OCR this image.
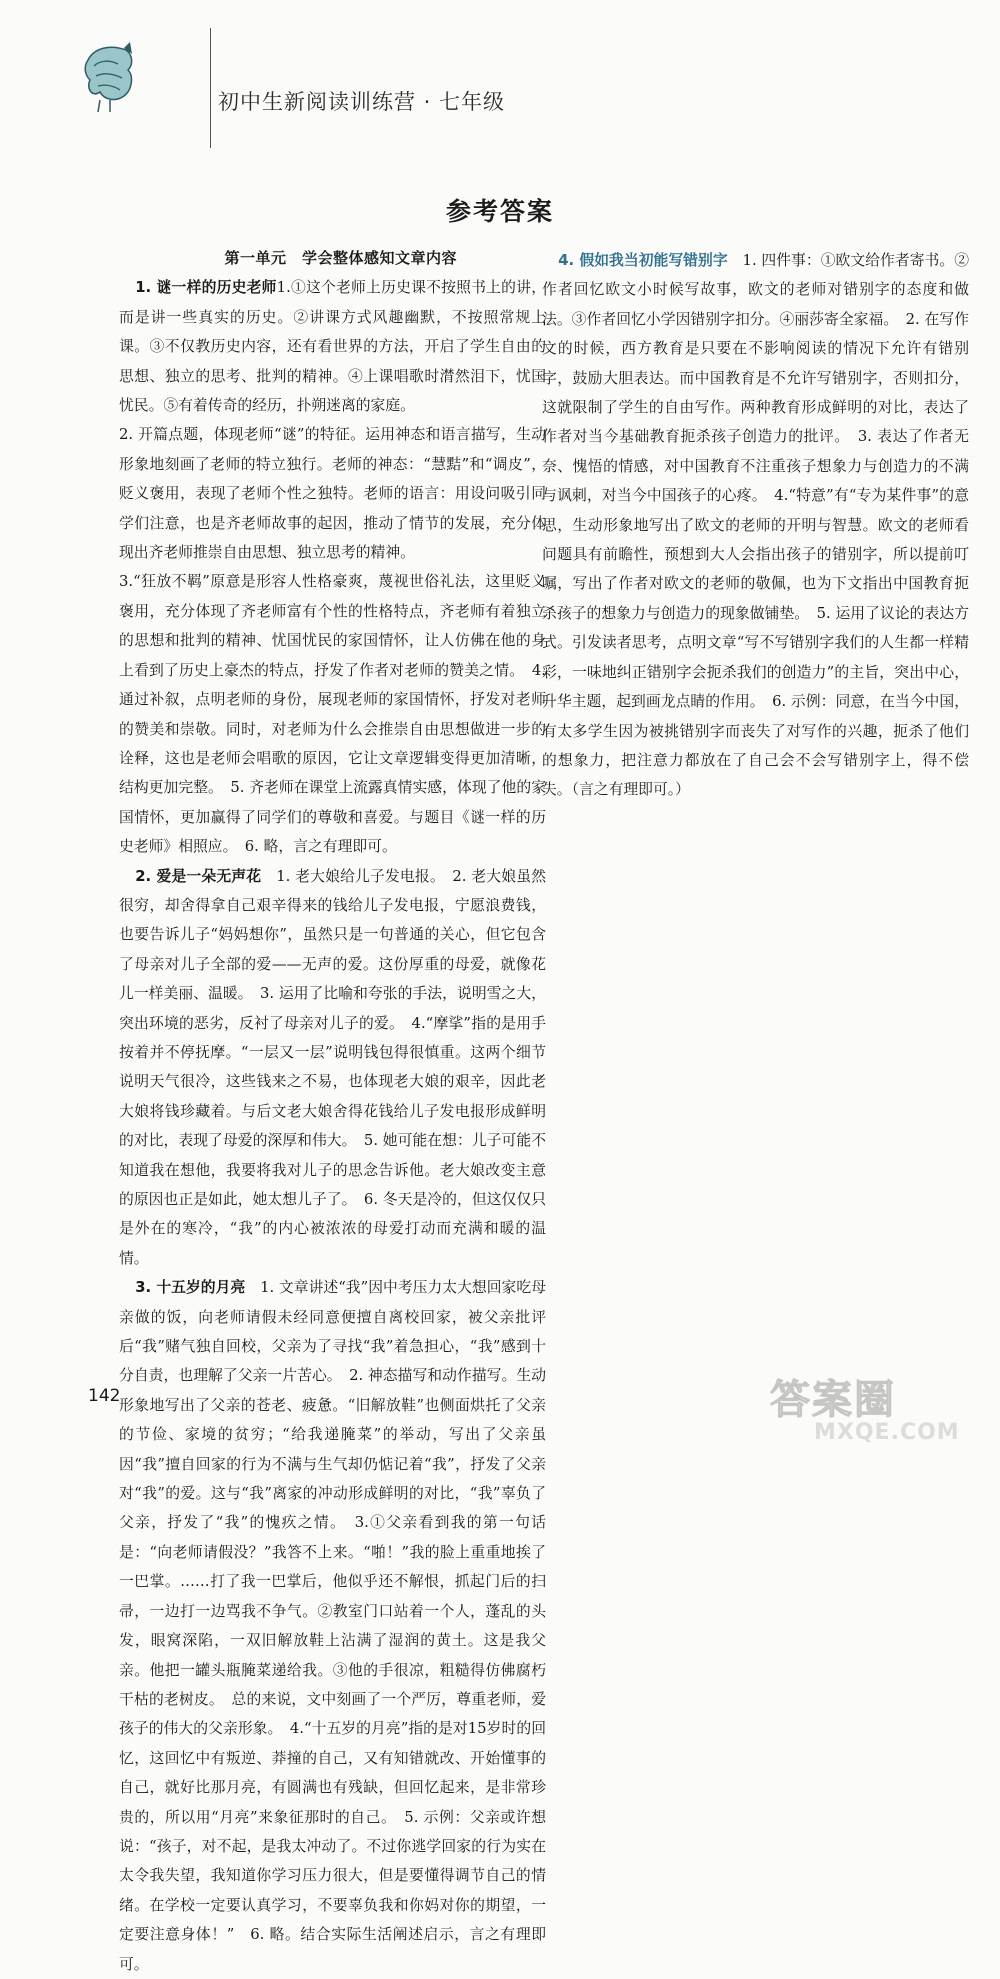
初中生新阅读训练营 · 七年级
参考答案

第一单元　学会整体感知文章内容

1. 谜一样的历史老师1.①这个老师上历史课不按照书上的讲，而是讲一些真实的历史。②讲课方式风趣幽默，不按照常规上课。③不仅教历史内容，还有看世界的方法，开启了学生自由的思想、独立的思考、批判的精神。④上课唱歌时潸然泪下，忧国忧民。⑤有着传奇的经历，扑朔迷离的家庭。

2. 开篇点题，体现老师“谜”的特征。运用神态和语言描写，生动形象地刻画了老师的特立独行。老师的神态：“慧黠”和“调皮”，贬义褒用，表现了老师个性之独特。老师的语言：用设问吸引同学们注意，也是齐老师故事的起因，推动了情节的发展，充分体现出齐老师推崇自由思想、独立思考的精神。

3.“狂放不羁”原意是形容人性格豪爽，蔑视世俗礼法，这里贬义褒用，充分体现了齐老师富有个性的性格特点，齐老师有着独立的思想和批判的精神、忧国忧民的家国情怀，让人仿佛在他的身上看到了历史上豪杰的特点，抒发了作者对老师的赞美之情。　4. 通过补叙，点明老师的身份，展现老师的家国情怀，抒发对老师的赞美和崇敬。同时，对老师为什么会推崇自由思想做进一步的诠释，这也是老师会唱歌的原因，它让文章逻辑变得更加清晰，结构更加完整。　5. 齐老师在课堂上流露真情实感，体现了他的家国情怀，更加赢得了同学们的尊敬和喜爱。与题目《谜一样的历史老师》相照应。　6. 略，言之有理即可。

2. 爱是一朵无声花　 1. 老大娘给儿子发电报。　2. 老大娘虽然很穷，却舍得拿自己艰辛得来的钱给儿子发电报，宁愿浪费钱，也要告诉儿子“妈妈想你”，虽然只是一句普通的关心，但它包含了母亲对儿子全部的爱——无声的爱。这份厚重的母爱，就像花儿一样美丽、温暖。　3. 运用了比喻和夸张的手法，说明雪之大，突出环境的恶劣，反衬了母亲对儿子的爱。　4.“摩挲”指的是用手按着并不停抚摩。“一层又一层”说明钱包得很慎重。这两个细节说明天气很冷，这些钱来之不易，也体现老大娘的艰辛，因此老大娘将钱珍藏着。与后文老大娘舍得花钱给儿子发电报形成鲜明的对比，表现了母爱的深厚和伟大。　5. 她可能在想：儿子可能不知道我在想他，我要将我对儿子的思念告诉他。老大娘改变主意的原因也正是如此，她太想儿子了。　6. 冬天是冷的，但这仅仅只是外在的寒冷，“我”的内心被浓浓的母爱打动而充满和暖的温情。

3. 十五岁的月亮　 1. 文章讲述“我”因中考压力太大想回家吃母亲做的饭，向老师请假未经同意便擅自离校回家，被父亲批评后“我”赌气独自回校，父亲为了寻找“我”着急担心，“我”感到十分自责，也理解了父亲一片苦心。　2. 神态描写和动作描写。生动形象地写出了父亲的苍老、疲惫。“旧解放鞋”也侧面烘托了父亲的节俭、家境的贫穷；“给我递腌菜”的举动，写出了父亲虽因“我”擅自回家的行为不满与生气却仍惦记着“我”，抒发了父亲对“我”的爱。这与“我”离家的冲动形成鲜明的对比，“我”辜负了父亲，抒发了“我”的愧疚之情。　3.①父亲看到我的第一句话是：“向老师请假没？”我答不上来。“啪！”我的脸上重重地挨了一巴掌。……打了我一巴掌后，他似乎还不解恨，抓起门后的扫帚，一边打一边骂我不争气。②教室门口站着一个人，蓬乱的头发，眼窝深陷，一双旧解放鞋上沾满了湿润的黄土。这是我父亲。他把一罐头瓶腌菜递给我。③他的手很凉，粗糙得仿佛腐朽干枯的老树皮。　总的来说，文中刻画了一个严厉，尊重老师，爱孩子的伟大的父亲形象。　4.“十五岁的月亮”指的是对15岁时的回忆，这回忆中有叛逆、莽撞的自己，又有知错就改、开始懂事的自己，就好比那月亮，有圆满也有残缺，但回忆起来，是非常珍贵的，所以用“月亮”来象征那时的自己。　5. 示例：父亲或许想说：“孩子，对不起，是我太冲动了。不过你逃学回家的行为实在太令我失望，我知道你学习压力很大，但是要懂得调节自己的情绪。在学校一定要认真学习，不要辜负我和你妈对你的期望，一定要注意身体！”　6. 略。结合实际生活阐述启示，言之有理即可。

4. 假如我当初能写错别字　 1. 四件事：①欧文给作者寄书。②作者回忆欧文小时候写故事，欧文的老师对错别字的态度和做法。③作者回忆小学因错别字扣分。④丽莎寄全家福。　2. 在写作文的时候，西方教育是只要在不影响阅读的情况下允许有错别字，鼓励大胆表达。而中国教育是不允许写错别字，否则扣分，这就限制了学生的自由写作。两种教育形成鲜明的对比，表达了作者对当今基础教育扼杀孩子创造力的批评。　3. 表达了作者无奈、愧悟的情感，对中国教育不注重孩子想象力与创造力的不满与讽刺，对当今中国孩子的心疼。　4.“特意”有“专为某件事”的意思，生动形象地写出了欧文的老师的开明与智慧。欧文的老师看问题具有前瞻性，预想到大人会指出孩子的错别字，所以提前叮嘱，写出了作者对欧文的老师的敬佩，也为下文指出中国教育扼杀孩子的想象力与创造力的现象做铺垫。　5. 运用了议论的表达方式。引发读者思考，点明文章“写不写错别字我们的人生都一样精彩，一味地纠正错别字会扼杀我们的创造力”的主旨，突出中心，升华主题，起到画龙点睛的作用。　6. 示例：同意，在当今中国，有太多学生因为被挑错别字而丧失了对写作的兴趣，扼杀了他们的想象力，把注意力都放在了自己会不会写错别字上，得不偿失。（言之有理即可。）

142	答案圈
MXQE.COM
